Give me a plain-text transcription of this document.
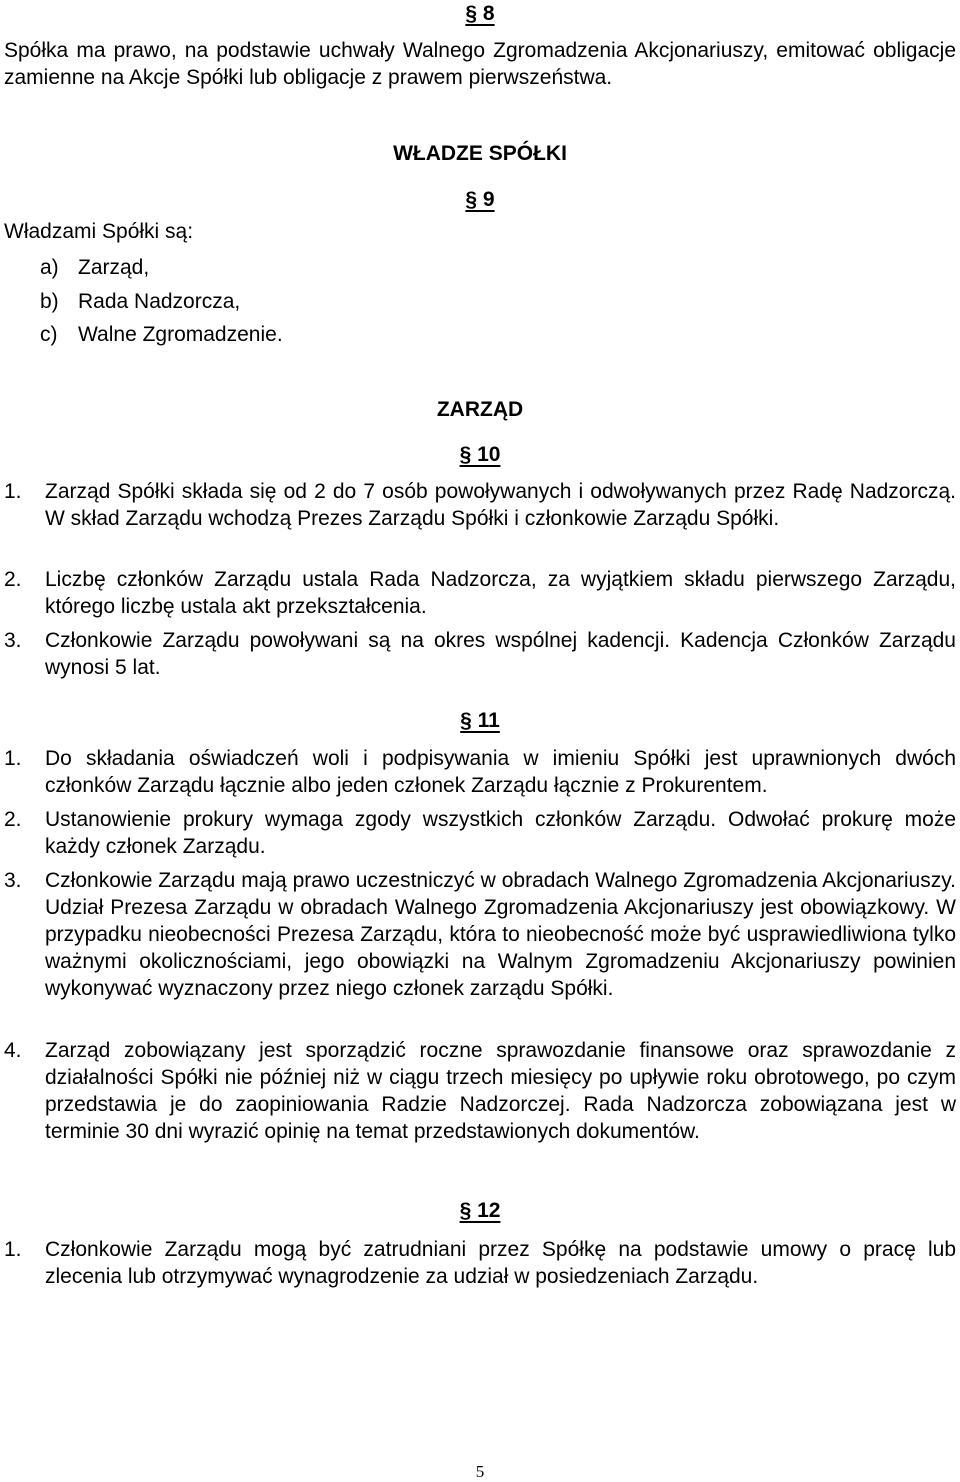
§ 8

Spółka ma prawo, na podstawie uchwały Walnego Zgromadzenia Akcjonariuszy, emitować obligacje zamienne na Akcje Spółki lub obligacje z prawem pierwszeństwa.

WŁADZE SPÓŁKI
§ 9
Władzami Spółki są:
a) Zarząd,
b) Rada Nadzorcza,
c) Walne Zgromadzenie.
ZARZĄD
§ 10
1. Zarząd Spółki składa się od 2 do 7 osób powoływanych i odwoływanych przez Radę Nadzorczą. W skład Zarządu wchodzą Prezes Zarządu Spółki i członkowie Zarządu Spółki.
2. Liczbę członków Zarządu ustala Rada Nadzorcza, za wyjątkiem składu pierwszego Zarządu, którego liczbę ustala akt przekształcenia.
3. Członkowie Zarządu powoływani są na okres wspólnej kadencji. Kadencja Członków Zarządu wynosi 5 lat.
§ 11
1. Do składania oświadczeń woli i podpisywania w imieniu Spółki jest uprawnionych dwóch członków Zarządu łącznie albo jeden członek Zarządu łącznie z Prokurentem.
2. Ustanowienie prokury wymaga zgody wszystkich członków Zarządu. Odwołać prokurę może każdy członek Zarządu.
3. Członkowie Zarządu mają prawo uczestniczyć w obradach Walnego Zgromadzenia Akcjonariuszy. Udział Prezesa Zarządu w obradach Walnego Zgromadzenia Akcjonariuszy jest obowiązkowy. W przypadku nieobecności Prezesa Zarządu, która to nieobecność może być usprawiedliwiona tylko ważnymi okolicznościami, jego obowiązki na Walnym Zgromadzeniu Akcjonariuszy powinien wykonywać wyznaczony przez niego członek zarządu Spółki.
4. Zarząd zobowiązany jest sporządzić roczne sprawozdanie finansowe oraz sprawozdanie z działalności Spółki nie później niż w ciągu trzech miesięcy po upływie roku obrotowego, po czym przedstawia je do zaopiniowania Radzie Nadzorczej. Rada Nadzorcza zobowiązana jest w terminie 30 dni wyrazić opinię na temat przedstawionych dokumentów.
§ 12
1. Członkowie Zarządu mogą być zatrudniani przez Spółkę na podstawie umowy o pracę lub zlecenia lub otrzymywać wynagrodzenie za udział w posiedzeniach Zarządu.
5
